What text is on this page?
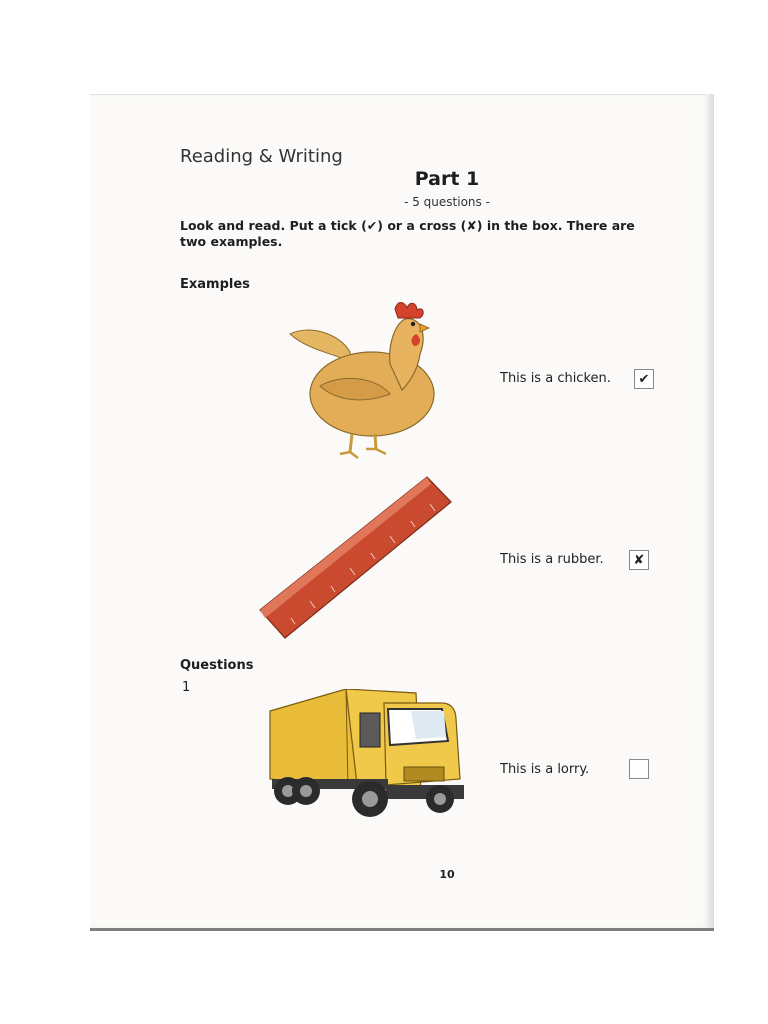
Reading & Writing
Part 1
- 5 questions -
Look and read. Put a tick (✔) or a cross (✘) in the box. There are two examples.
Examples
This is a chicken.	✔
This is a rubber.	✘
Questions
1
This is a lorry.
10
